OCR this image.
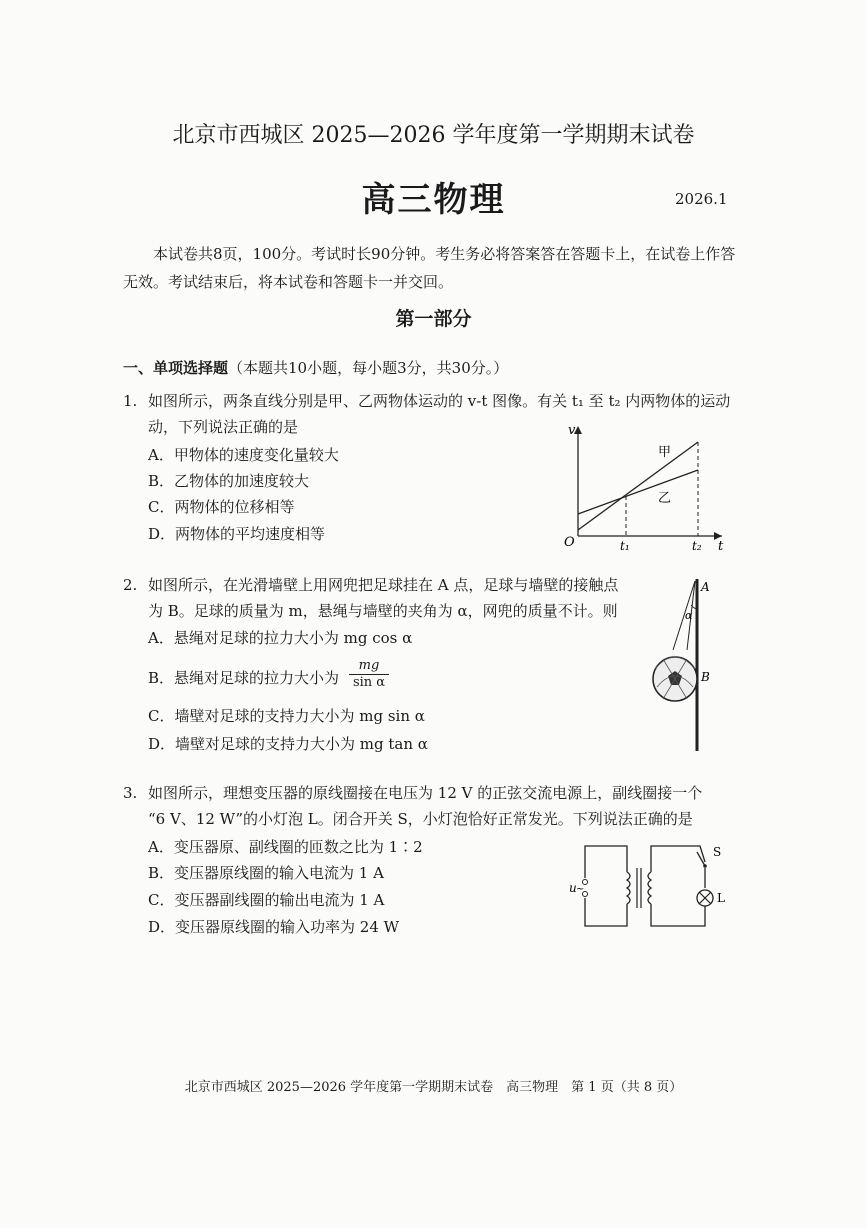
北京市西城区 2025—2026 学年度第一学期期末试卷
高三物理	2026.1
本试卷共8页，100分。考试时长90分钟。考生务必将答案答在答题卡上，在试卷上作答无效。考试结束后，将本试卷和答题卡一并交回。
第一部分
一、单项选择题（本题共10小题，每小题3分，共30分。）
1. 如图所示，两条直线分别是甲、乙两物体运动的 v-t 图像。有关 t₁ 至 t₂ 内两物体的运动
动，下列说法正确的是
A．甲物体的速度变化量较大
B．乙物体的加速度较大
C．两物体的位移相等
D．两物体的平均速度相等
v
t
O	t₁	t₂
甲
乙
2. 如图所示，在光滑墙壁上用网兜把足球挂在 A 点，足球与墙壁的接触点
为 B。足球的质量为 m，悬绳与墙壁的夹角为 α，网兜的质量不计。则
A．悬绳对足球的拉力大小为 mg cos α
B．悬绳对足球的拉力大小为 $\frac{mg}{\text{sin α}}$
C．墙壁对足球的支持力大小为 mg sin α
D．墙壁对足球的支持力大小为 mg tan α
A
B
α
3. 如图所示，理想变压器的原线圈接在电压为 12 V 的正弦交流电源上，副线圈接一个
“6 V、12 W”的小灯泡 L。闭合开关 S，小灯泡恰好正常发光。下列说法正确的是
A．变压器原、副线圈的匝数之比为 1∶2
B．变压器原线圈的输入电流为 1 A
C．变压器副线圈的输出电流为 1 A
D．变压器原线圈的输入功率为 24 W
u ~
S
L
北京市西城区 2025—2026 学年度第一学期期末试卷　高三物理　第 1 页（共 8 页）
